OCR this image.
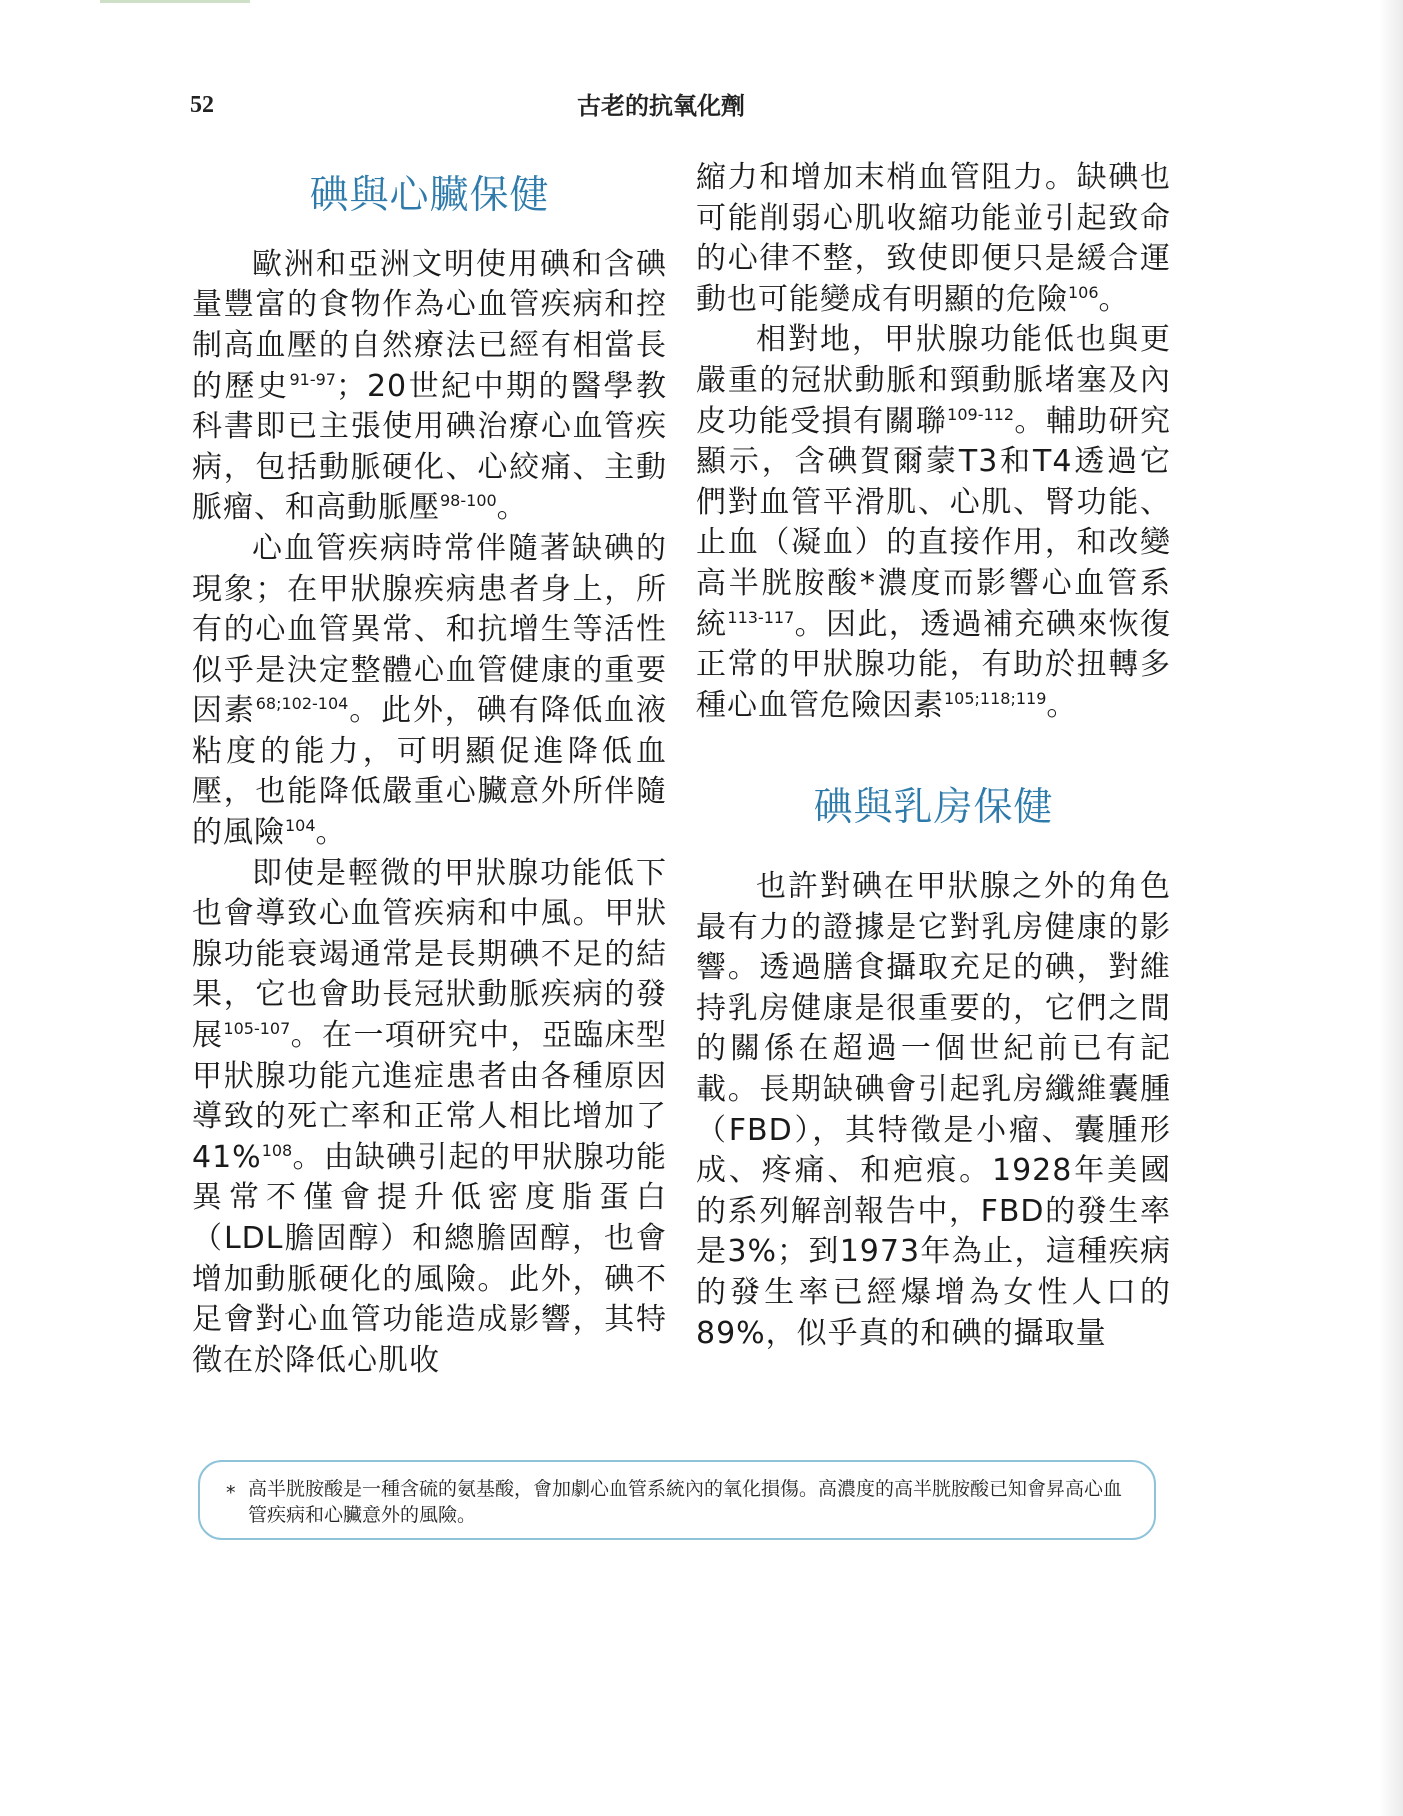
52	古老的抗氧化劑
碘與心臟保健

歐洲和亞洲文明使用碘和含碘量豐富的食物作為心血管疾病和控制高血壓的自然療法已經有相當長的歷史$^{91-97}$；20世紀中期的醫學教科書即已主張使用碘治療心血管疾病，包括動脈硬化、心絞痛、主動脈瘤、和高動脈壓$^{98-100}$。

心血管疾病時常伴隨著缺碘的現象；在甲狀腺疾病患者身上，所有的心血管異常、和抗增生等活性似乎是決定整體心血管健康的重要因素$^{68;102-104}$。此外，碘有降低血液粘度的能力，可明顯促進降低血壓，也能降低嚴重心臟意外所伴隨的風險$^{104}$。

即使是輕微的甲狀腺功能低下也會導致心血管疾病和中風。甲狀腺功能衰竭通常是長期碘不足的結果，它也會助長冠狀動脈疾病的發展$^{105-107}$。在一項研究中，亞臨床型甲狀腺功能亢進症患者由各種原因導致的死亡率和正常人相比增加了41%$^{108}$。由缺碘引起的甲狀腺功能異常不僅會提升低密度脂蛋白（LDL膽固醇）和總膽固醇，也會增加動脈硬化的風險。此外，碘不足會對心血管功能造成影響，其特徵在於降低心肌收

縮力和增加末梢血管阻力。缺碘也可能削弱心肌收縮功能並引起致命的心律不整，致使即便只是緩合運動也可能變成有明顯的危險$^{106}$。

相對地，甲狀腺功能低也與更嚴重的冠狀動脈和頸動脈堵塞及內皮功能受損有關聯$^{109-112}$。輔助研究顯示，含碘賀爾蒙T3和T4透過它們對血管平滑肌、心肌、腎功能、止血（凝血）的直接作用，和改變高半胱胺酸*濃度而影響心血管系統$^{113-117}$。因此，透過補充碘來恢復正常的甲狀腺功能，有助於扭轉多種心血管危險因素$^{105;118;119}$。

碘與乳房保健

也許對碘在甲狀腺之外的角色最有力的證據是它對乳房健康的影響。透過膳食攝取充足的碘，對維持乳房健康是很重要的，它們之間的關係在超過一個世紀前已有記載。長期缺碘會引起乳房纖維囊腫（FBD），其特徵是小瘤、囊腫形成、疼痛、和疤痕。1928年美國的系列解剖報告中，FBD的發生率是3%；到1973年為止，這種疾病的發生率已經爆增為女性人口的89%，似乎真的和碘的攝取量

* 高半胱胺酸是一種含硫的氨基酸，會加劇心血管系統內的氧化損傷。高濃度的高半胱胺酸已知會昇高心血管疾病和心臟意外的風險。
